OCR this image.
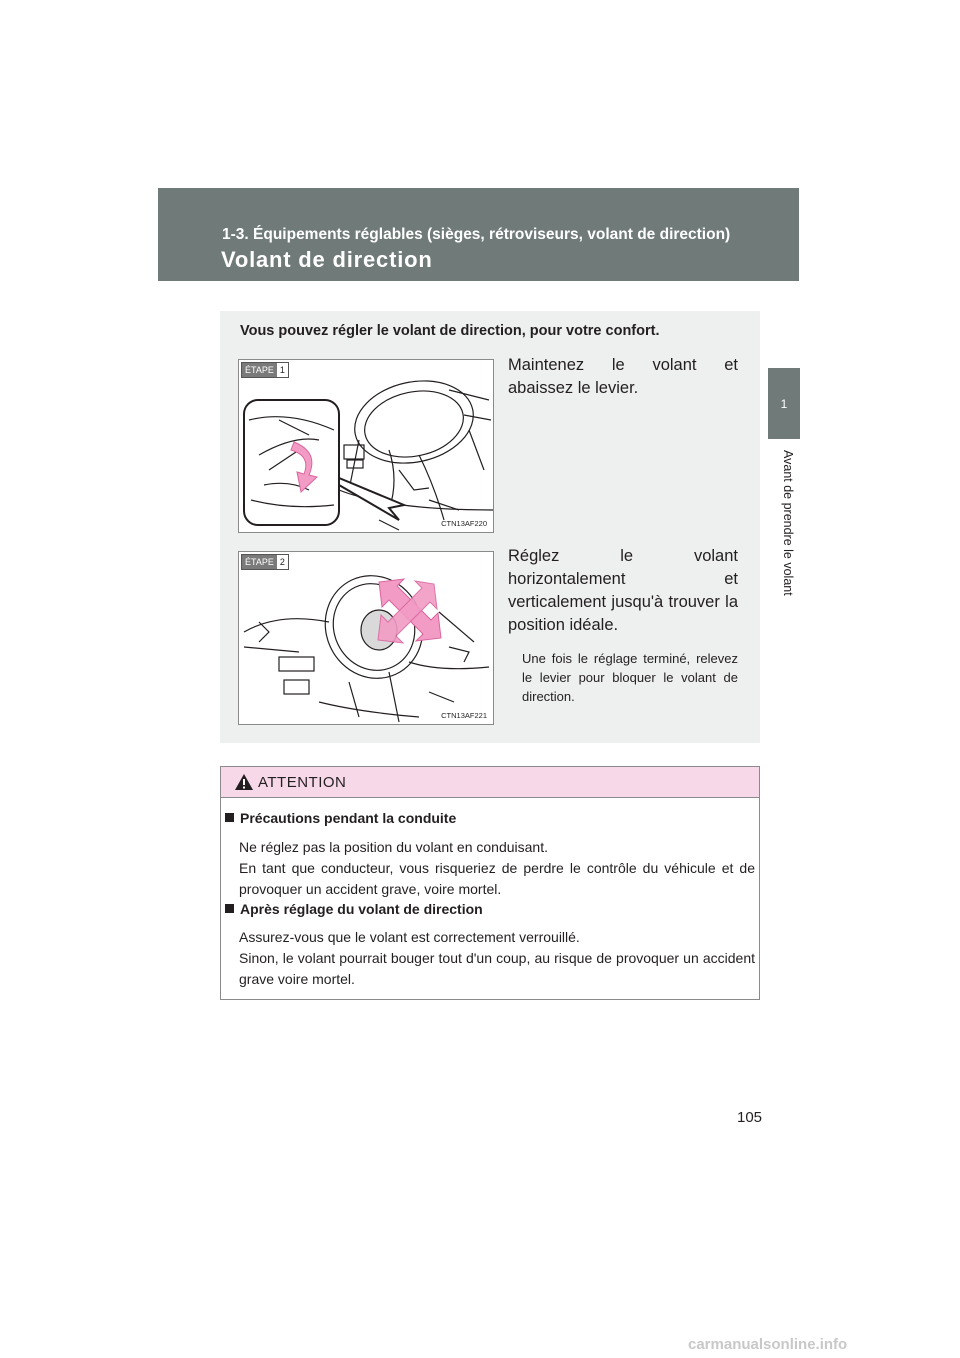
1-3. Équipements réglables (sièges, rétroviseurs, volant de direction)
Volant de direction
1
Avant de prendre le volant
Vous pouvez régler le volant de direction, pour votre confort.
ÉTAPE 1
CTN13AF220
Maintenez le volant et abaissez le levier.
ÉTAPE 2
CTN13AF221
Réglez le volant horizontalement et verticalement jusqu'à trouver la position idéale.
Une fois le réglage terminé, relevez le levier pour bloquer le volant de direction.
ATTENTION
Précautions pendant la conduite
Ne réglez pas la position du volant en conduisant.
En tant que conducteur, vous risqueriez de perdre le contrôle du véhicule et de provoquer un accident grave, voire mortel.
Après réglage du volant de direction
Assurez-vous que le volant est correctement verrouillé.
Sinon, le volant pourrait bouger tout d'un coup, au risque de provoquer un accident grave voire mortel.
105
carmanualsonline.info
